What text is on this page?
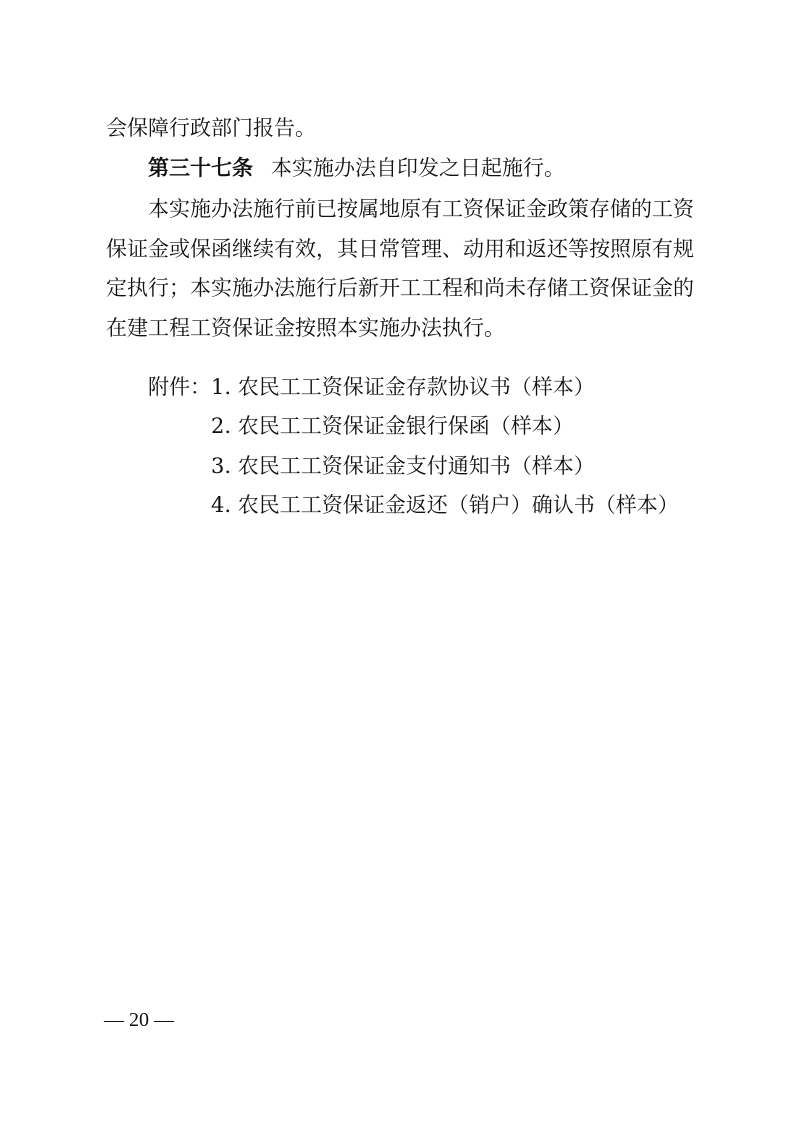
会保障行政部门报告。
第三十七条 本实施办法自印发之日起施行。
本实施办法施行前已按属地原有工资保证金政策存储的工资
保证金或保函继续有效，其日常管理、动用和返还等按照原有规
定执行；本实施办法施行后新开工工程和尚未存储工资保证金的
在建工程工资保证金按照本实施办法执行。
附件： 1. 农民工工资保证金存款协议书（样本）
2. 农民工工资保证金银行保函（样本）
3. 农民工工资保证金支付通知书（样本）
4. 农民工工资保证金返还（销户）确认书（样本）
— 20 —
